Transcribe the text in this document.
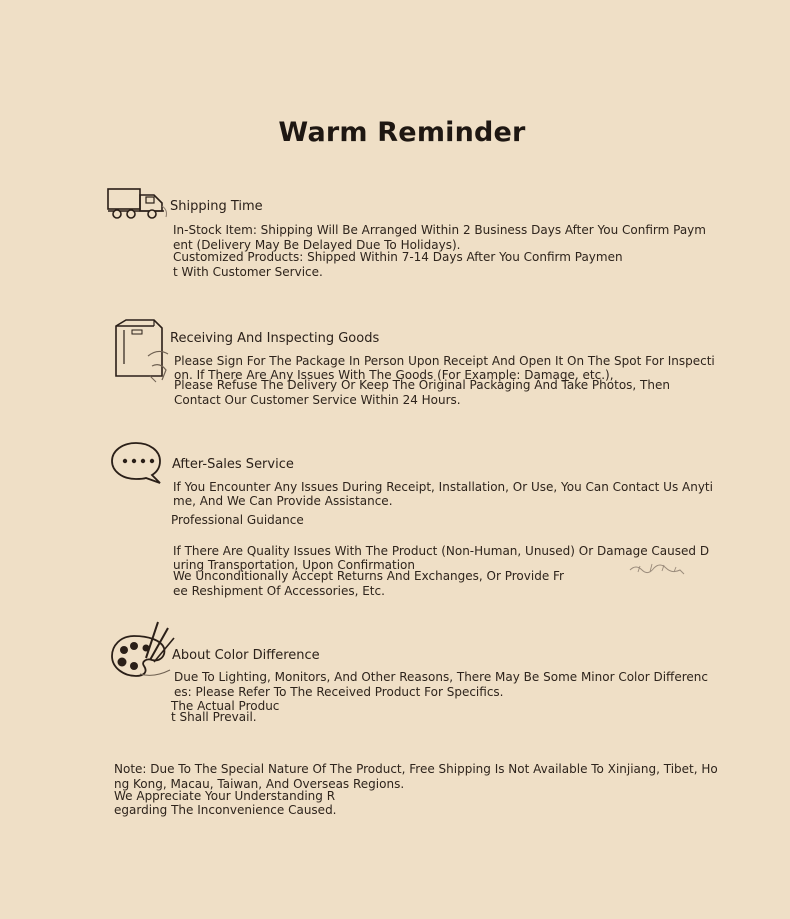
Warm Reminder
Shipping Time
In-Stock Item: Shipping Will Be Arranged Within 2 Business Days After You Confirm Paym
ent (Delivery May Be Delayed Due To Holidays).
Customized Products: Shipped Within 7-14 Days After You Confirm Paymen
t With Customer Service.
Receiving And Inspecting Goods
Please Sign For The Package In Person Upon Receipt And Open It On The Spot For Inspecti
on. If There Are Any Issues With The Goods (For Example: Damage, etc.),
Please Refuse The Delivery Or Keep The Original Packaging And Take Photos, Then
Contact Our Customer Service Within 24 Hours.
After-Sales Service
If You Encounter Any Issues During Receipt, Installation, Or Use, You Can Contact Us Anyti
me, And We Can Provide Assistance.
Professional Guidance
If There Are Quality Issues With The Product (Non-Human, Unused) Or Damage Caused D
uring Transportation, Upon Confirmation
We Unconditionally Accept Returns And Exchanges, Or Provide Fr
ee Reshipment Of Accessories, Etc.
About Color Difference
Due To Lighting, Monitors, And Other Reasons, There May Be Some Minor Color Differenc
es: Please Refer To The Received Product For Specifics.
The Actual Produc
t Shall Prevail.
Note: Due To The Special Nature Of The Product, Free Shipping Is Not Available To Xinjiang, Tibet, Ho
ng Kong, Macau, Taiwan, And Overseas Regions.
We Appreciate Your Understanding R
egarding The Inconvenience Caused.
